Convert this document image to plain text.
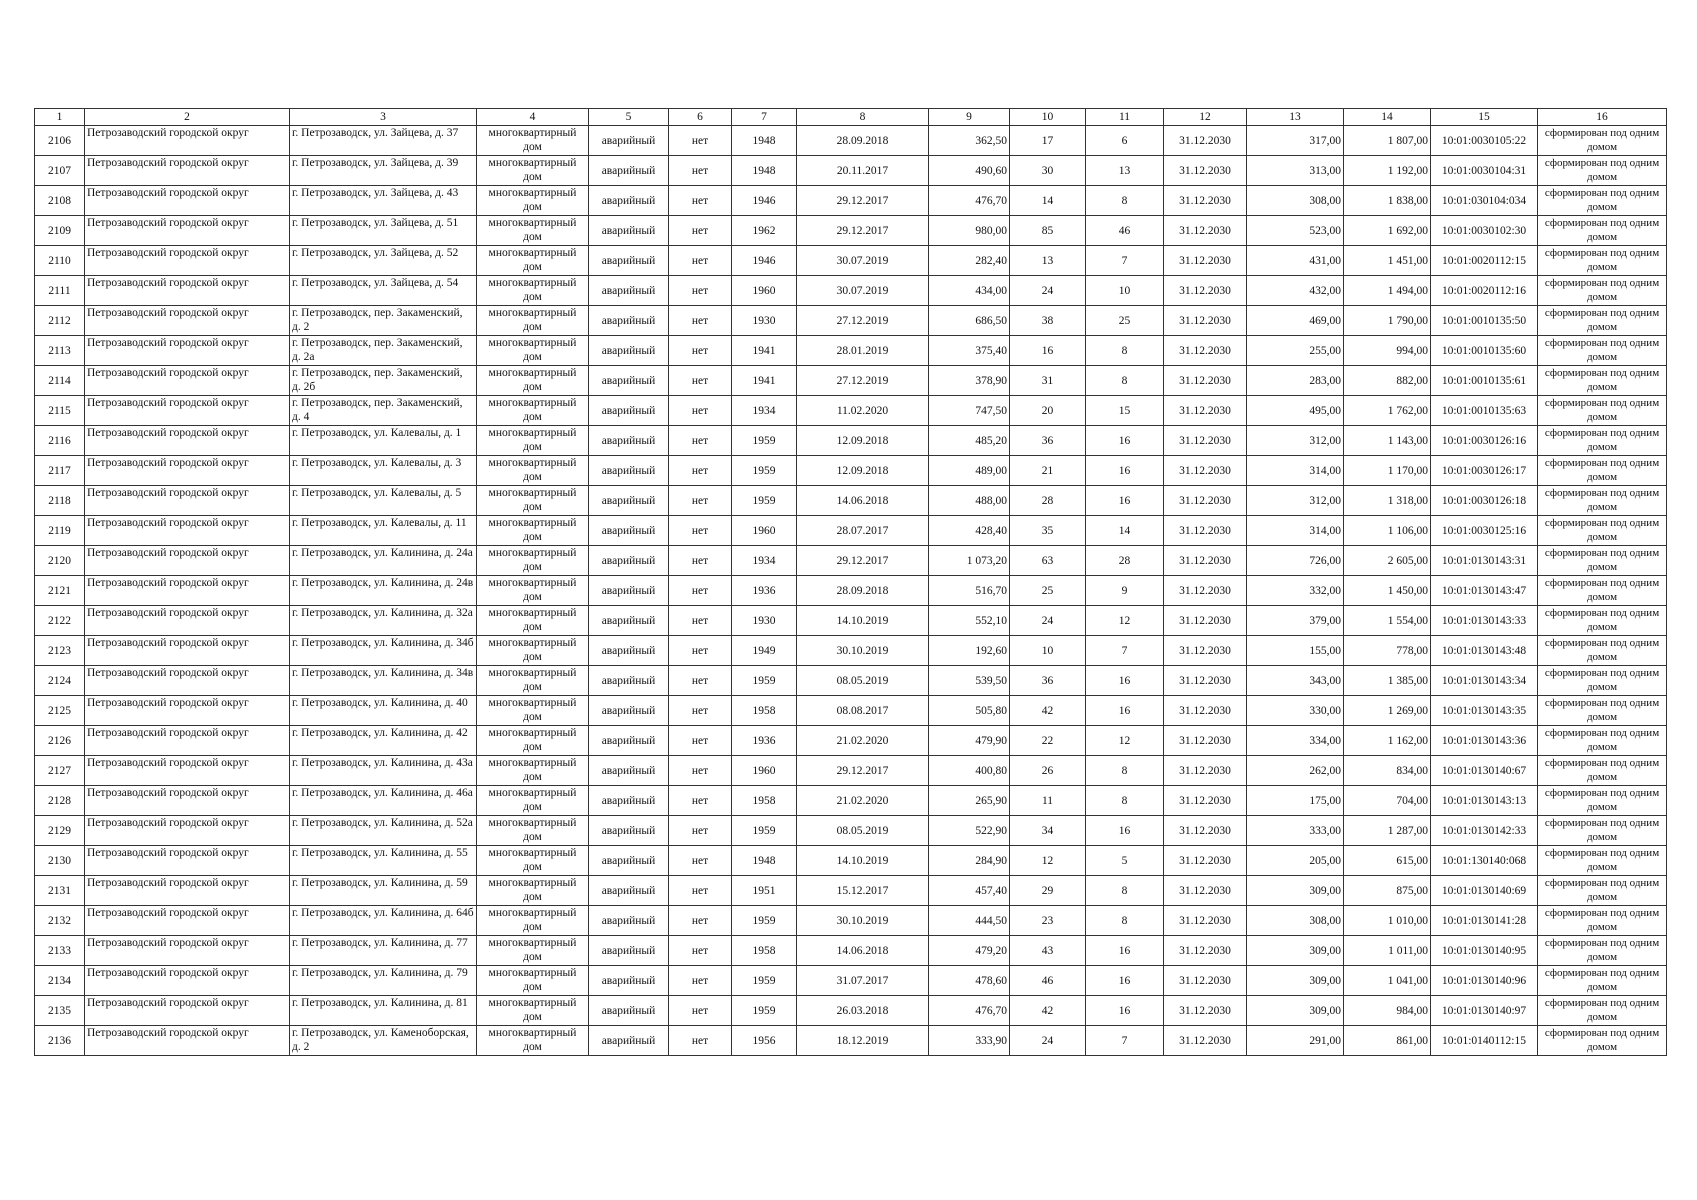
1	2	3	4	5	6	7	8	9	10	11	12	13	14	15	16
2106	Петрозаводский городской округ	г. Петрозаводск, ул. Зайцева, д. 37	многоквартирный дом	аварийный	нет	1948	28.09.2018	362,50	17	6	31.12.2030	317,00	1 807,00	10:01:0030105:22	сформирован под одним домом
2107	Петрозаводский городской округ	г. Петрозаводск, ул. Зайцева, д. 39	многоквартирный дом	аварийный	нет	1948	20.11.2017	490,60	30	13	31.12.2030	313,00	1 192,00	10:01:0030104:31	сформирован под одним домом
2108	Петрозаводский городской округ	г. Петрозаводск, ул. Зайцева, д. 43	многоквартирный дом	аварийный	нет	1946	29.12.2017	476,70	14	8	31.12.2030	308,00	1 838,00	10:01:030104:034	сформирован под одним домом
2109	Петрозаводский городской округ	г. Петрозаводск, ул. Зайцева, д. 51	многоквартирный дом	аварийный	нет	1962	29.12.2017	980,00	85	46	31.12.2030	523,00	1 692,00	10:01:0030102:30	сформирован под одним домом
2110	Петрозаводский городской округ	г. Петрозаводск, ул. Зайцева, д. 52	многоквартирный дом	аварийный	нет	1946	30.07.2019	282,40	13	7	31.12.2030	431,00	1 451,00	10:01:0020112:15	сформирован под одним домом
2111	Петрозаводский городской округ	г. Петрозаводск, ул. Зайцева, д. 54	многоквартирный дом	аварийный	нет	1960	30.07.2019	434,00	24	10	31.12.2030	432,00	1 494,00	10:01:0020112:16	сформирован под одним домом
2112	Петрозаводский городской округ	г. Петрозаводск, пер. Закаменский, д. 2	многоквартирный дом	аварийный	нет	1930	27.12.2019	686,50	38	25	31.12.2030	469,00	1 790,00	10:01:0010135:50	сформирован под одним домом
2113	Петрозаводский городской округ	г. Петрозаводск, пер. Закаменский, д. 2а	многоквартирный дом	аварийный	нет	1941	28.01.2019	375,40	16	8	31.12.2030	255,00	994,00	10:01:0010135:60	сформирован под одним домом
2114	Петрозаводский городской округ	г. Петрозаводск, пер. Закаменский, д. 2б	многоквартирный дом	аварийный	нет	1941	27.12.2019	378,90	31	8	31.12.2030	283,00	882,00	10:01:0010135:61	сформирован под одним домом
2115	Петрозаводский городской округ	г. Петрозаводск, пер. Закаменский, д. 4	многоквартирный дом	аварийный	нет	1934	11.02.2020	747,50	20	15	31.12.2030	495,00	1 762,00	10:01:0010135:63	сформирован под одним домом
2116	Петрозаводский городской округ	г. Петрозаводск, ул. Калевалы, д. 1	многоквартирный дом	аварийный	нет	1959	12.09.2018	485,20	36	16	31.12.2030	312,00	1 143,00	10:01:0030126:16	сформирован под одним домом
2117	Петрозаводский городской округ	г. Петрозаводск, ул. Калевалы, д. 3	многоквартирный дом	аварийный	нет	1959	12.09.2018	489,00	21	16	31.12.2030	314,00	1 170,00	10:01:0030126:17	сформирован под одним домом
2118	Петрозаводский городской округ	г. Петрозаводск, ул. Калевалы, д. 5	многоквартирный дом	аварийный	нет	1959	14.06.2018	488,00	28	16	31.12.2030	312,00	1 318,00	10:01:0030126:18	сформирован под одним домом
2119	Петрозаводский городской округ	г. Петрозаводск, ул. Калевалы, д. 11	многоквартирный дом	аварийный	нет	1960	28.07.2017	428,40	35	14	31.12.2030	314,00	1 106,00	10:01:0030125:16	сформирован под одним домом
2120	Петрозаводский городской округ	г. Петрозаводск, ул. Калинина, д. 24а	многоквартирный дом	аварийный	нет	1934	29.12.2017	1 073,20	63	28	31.12.2030	726,00	2 605,00	10:01:0130143:31	сформирован под одним домом
2121	Петрозаводский городской округ	г. Петрозаводск, ул. Калинина, д. 24в	многоквартирный дом	аварийный	нет	1936	28.09.2018	516,70	25	9	31.12.2030	332,00	1 450,00	10:01:0130143:47	сформирован под одним домом
2122	Петрозаводский городской округ	г. Петрозаводск, ул. Калинина, д. 32а	многоквартирный дом	аварийный	нет	1930	14.10.2019	552,10	24	12	31.12.2030	379,00	1 554,00	10:01:0130143:33	сформирован под одним домом
2123	Петрозаводский городской округ	г. Петрозаводск, ул. Калинина, д. 34б	многоквартирный дом	аварийный	нет	1949	30.10.2019	192,60	10	7	31.12.2030	155,00	778,00	10:01:0130143:48	сформирован под одним домом
2124	Петрозаводский городской округ	г. Петрозаводск, ул. Калинина, д. 34в	многоквартирный дом	аварийный	нет	1959	08.05.2019	539,50	36	16	31.12.2030	343,00	1 385,00	10:01:0130143:34	сформирован под одним домом
2125	Петрозаводский городской округ	г. Петрозаводск, ул. Калинина, д. 40	многоквартирный дом	аварийный	нет	1958	08.08.2017	505,80	42	16	31.12.2030	330,00	1 269,00	10:01:0130143:35	сформирован под одним домом
2126	Петрозаводский городской округ	г. Петрозаводск, ул. Калинина, д. 42	многоквартирный дом	аварийный	нет	1936	21.02.2020	479,90	22	12	31.12.2030	334,00	1 162,00	10:01:0130143:36	сформирован под одним домом
2127	Петрозаводский городской округ	г. Петрозаводск, ул. Калинина, д. 43а	многоквартирный дом	аварийный	нет	1960	29.12.2017	400,80	26	8	31.12.2030	262,00	834,00	10:01:0130140:67	сформирован под одним домом
2128	Петрозаводский городской округ	г. Петрозаводск, ул. Калинина, д. 46а	многоквартирный дом	аварийный	нет	1958	21.02.2020	265,90	11	8	31.12.2030	175,00	704,00	10:01:0130143:13	сформирован под одним домом
2129	Петрозаводский городской округ	г. Петрозаводск, ул. Калинина, д. 52а	многоквартирный дом	аварийный	нет	1959	08.05.2019	522,90	34	16	31.12.2030	333,00	1 287,00	10:01:0130142:33	сформирован под одним домом
2130	Петрозаводский городской округ	г. Петрозаводск, ул. Калинина, д. 55	многоквартирный дом	аварийный	нет	1948	14.10.2019	284,90	12	5	31.12.2030	205,00	615,00	10:01:130140:068	сформирован под одним домом
2131	Петрозаводский городской округ	г. Петрозаводск, ул. Калинина, д. 59	многоквартирный дом	аварийный	нет	1951	15.12.2017	457,40	29	8	31.12.2030	309,00	875,00	10:01:0130140:69	сформирован под одним домом
2132	Петрозаводский городской округ	г. Петрозаводск, ул. Калинина, д. 64б	многоквартирный дом	аварийный	нет	1959	30.10.2019	444,50	23	8	31.12.2030	308,00	1 010,00	10:01:0130141:28	сформирован под одним домом
2133	Петрозаводский городской округ	г. Петрозаводск, ул. Калинина, д. 77	многоквартирный дом	аварийный	нет	1958	14.06.2018	479,20	43	16	31.12.2030	309,00	1 011,00	10:01:0130140:95	сформирован под одним домом
2134	Петрозаводский городской округ	г. Петрозаводск, ул. Калинина, д. 79	многоквартирный дом	аварийный	нет	1959	31.07.2017	478,60	46	16	31.12.2030	309,00	1 041,00	10:01:0130140:96	сформирован под одним домом
2135	Петрозаводский городской округ	г. Петрозаводск, ул. Калинина, д. 81	многоквартирный дом	аварийный	нет	1959	26.03.2018	476,70	42	16	31.12.2030	309,00	984,00	10:01:0130140:97	сформирован под одним домом
2136	Петрозаводский городской округ	г. Петрозаводск, ул. Каменоборская, д. 2	многоквартирный дом	аварийный	нет	1956	18.12.2019	333,90	24	7	31.12.2030	291,00	861,00	10:01:0140112:15	сформирован под одним домом
